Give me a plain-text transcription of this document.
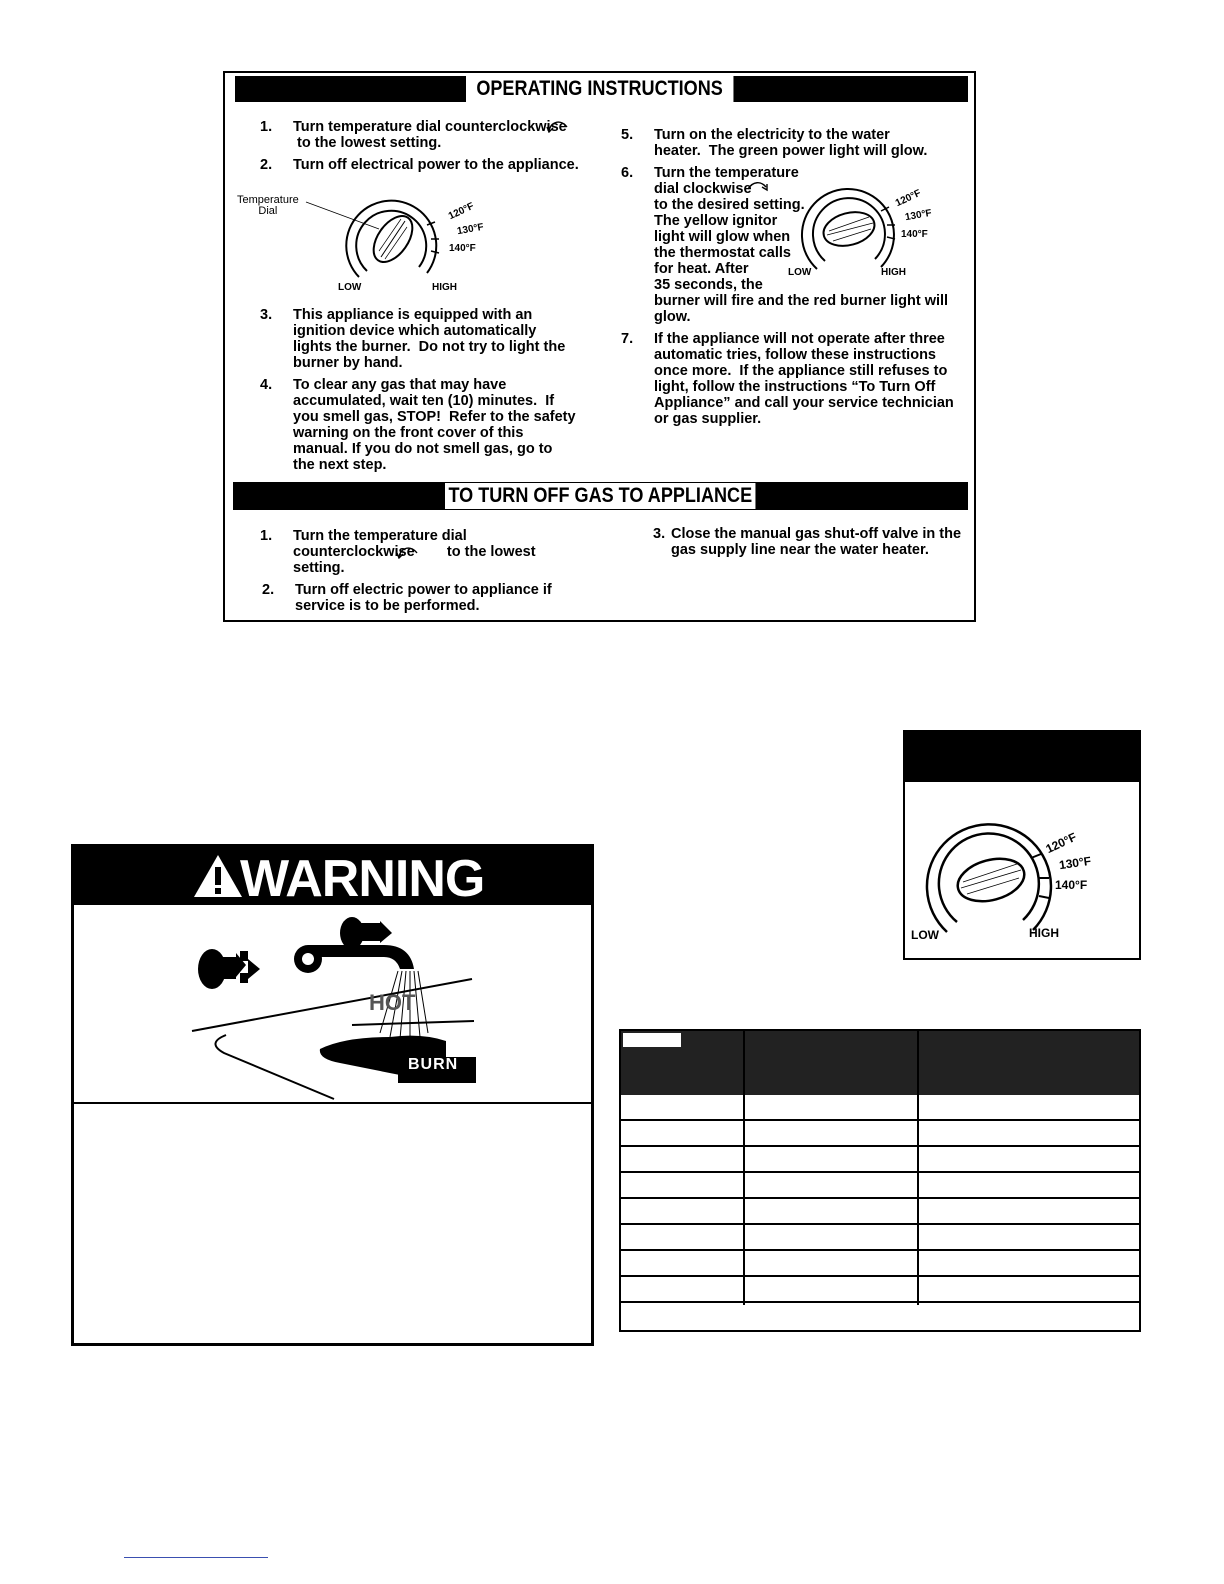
OPERATING INSTRUCTIONS
1. Turn temperature dial counterclockwise
to the lowest setting.
2. Turn off electrical power to the appliance.
Temperature
Dial	120°F
130°F
140°F
LOW	HIGH
3. This appliance is equipped with an
ignition device which automatically
lights the burner.  Do not try to light the
burner by hand.
4. To clear any gas that may have
accumulated, wait ten (10) minutes.  If
you smell gas, STOP!  Refer to the safety
warning on the front cover of this
manual. If you do not smell gas, go to
the next step.
5. Turn on the electricity to the water
heater.  The green power light will glow.
6. Turn the temperature
dial clockwise
to the desired setting.
The yellow ignitor
light will glow when
the thermostat calls
for heat. After
35 seconds, the
burner will fire and the red burner light will
glow.
120°F
130°F
140°F
LOW	HIGH
7. If the appliance will not operate after three
automatic tries, follow these instructions
once more.  If the appliance still refuses to
light, follow the instructions “To Turn Off
Appliance” and call your service technician
or gas supplier.
TO TURN OFF GAS TO APPLIANCE
1. Turn the temperature dial
counterclockwise        to the lowest
setting.
2. Turn off electric power to appliance if
service is to be performed.
3. Close the manual gas shut-off valve in the
gas supply line near the water heater.
WARNING
HOT
BURN
120°F
130°F
140°F
LOW	HIGH
